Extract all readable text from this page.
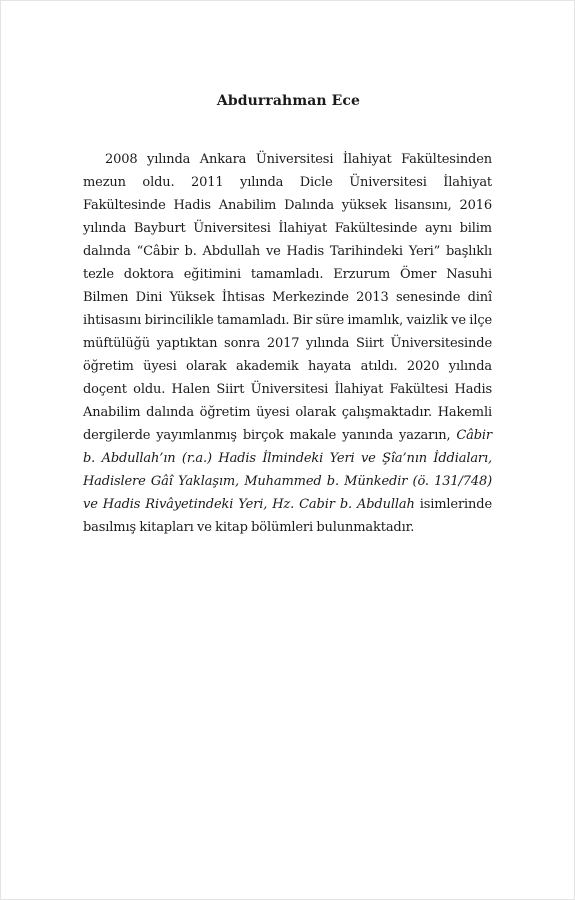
Abdurrahman Ece

2008 yılında Ankara Üniversitesi İlahiyat Fakültesinden mezun oldu. 2011 yılında Dicle Üniversitesi İlahiyat Fakültesinde Hadis Anabilim Dalında yüksek lisansını, 2016 yılında Bayburt Üniversitesi İlahiyat Fakültesinde aynı bilim dalında “Câbir b. Abdullah ve Hadis Tarihindeki Yeri” başlıklı tezle doktora eğitimini tamamladı. Erzurum Ömer Nasuhi Bilmen Dini Yüksek İhtisas Merkezinde 2013 senesinde dinî ihtisasını birincilikle tamamladı. Bir süre imamlık, vaizlik ve ilçe müftülüğü yaptıktan sonra 2017 yılında Siirt Üniversitesinde öğretim üyesi olarak akademik hayata atıldı. 2020 yılında doçent oldu. Halen Siirt Üniversitesi İlahiyat Fakültesi Hadis Anabilim dalında öğretim üyesi olarak çalışmaktadır. Hakemli dergilerde yayımlanmış birçok makale yanında yazarın, Câbir b. Abdullah’ın (r.a.) Hadis İlmindeki Yeri ve Şîa’nın İddiaları, Hadislere Gâî Yaklaşım, Muhammed b. Münkedir (ö. 131/748) ve Hadis Rivâyetindeki Yeri, Hz. Cabir b. Abdullah isimlerinde basılmış kitapları ve kitap bölümleri bulunmaktadır.
